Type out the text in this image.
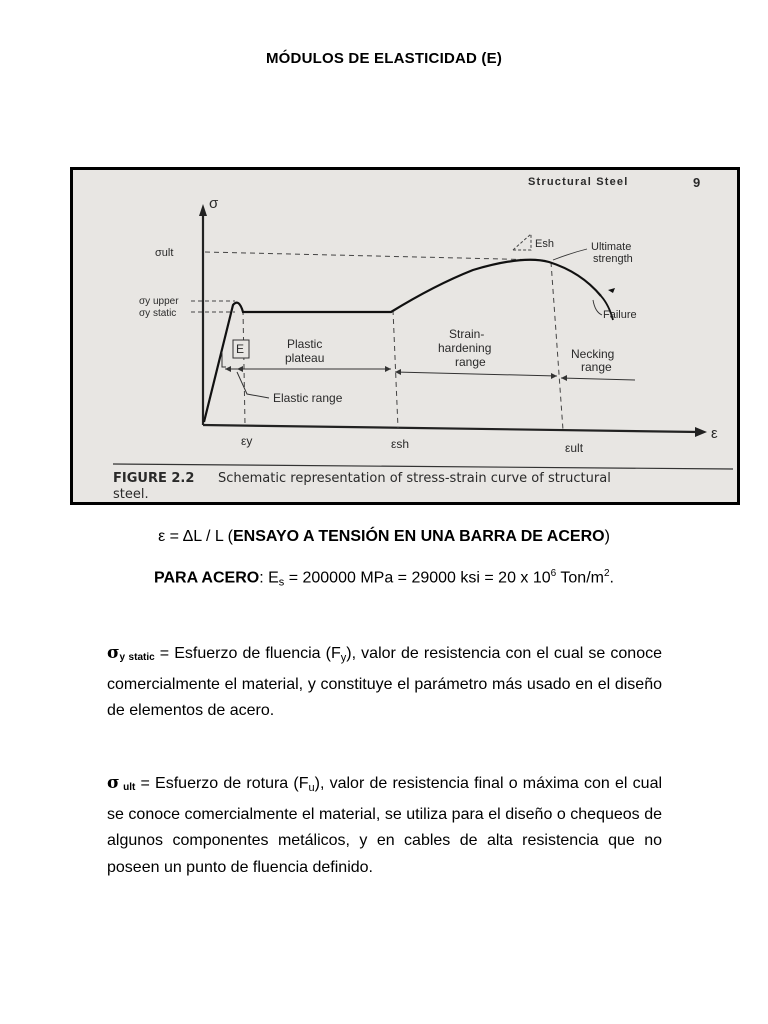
MÓDULOS DE ELASTICIDAD (E)
Structural Steel	9
σ
ε
E
Esh
σult
σy upper
σy static
εy	εsh	εult
Ultimate
strength
Failure
Plastic
plateau
Strain-
hardening
range
Necking
range
Elastic range
FIGURE 2.2 Schematic representation of stress-strain curve of structural
steel.
ε = ΔL / L (ENSAYO A TENSIÓN EN UNA BARRA DE ACERO)
PARA ACERO: $E_s = 200000$ MPa = 29000 ksi = 20 x $10^6$ Ton/$m^2$.
$\sigma_{y static}$ = Esfuerzo de fluencia $(F_y)$, valor de resistencia con el cual se conoce comercialmente el material, y constituye el parámetro más usado en el diseño de elementos de acero.
σ $_{ult}$ = Esfuerzo de rotura $(F_u)$, valor de resistencia final o máxima con el cual se conoce comercialmente el material, se utiliza para el diseño o chequeos de algunos componentes metálicos, y en cables de alta resistencia que no poseen un punto de fluencia definido.
